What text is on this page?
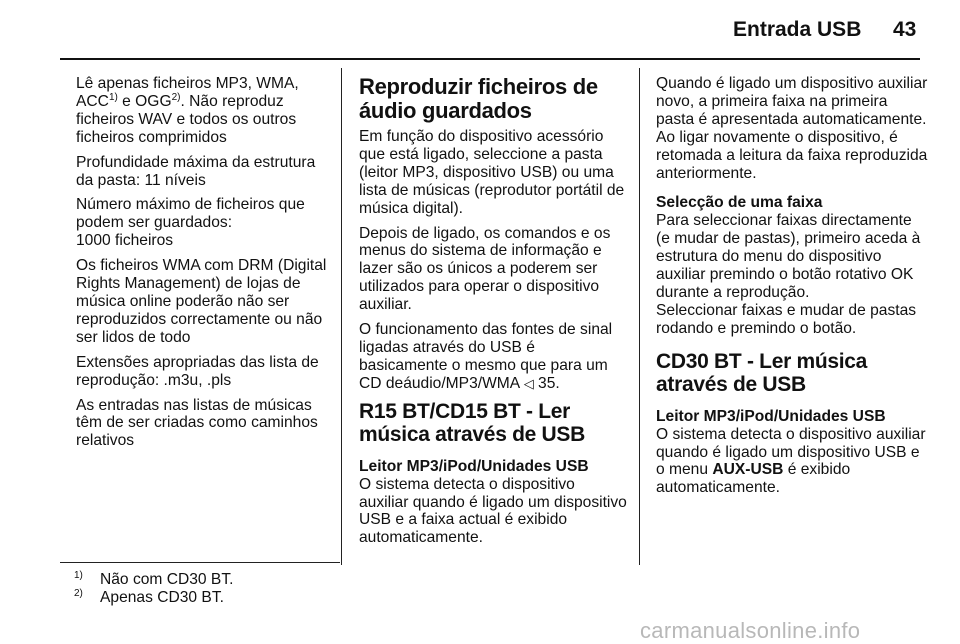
Entrada USB 43

Lê apenas ficheiros MP3, WMA, ACC$^{1)}$ e OGG$^{2)}$. Não reproduz ficheiros WAV e todos os outros ficheiros comprimidos

Profundidade máxima da estrutura da pasta: 11 níveis

Número máximo de ficheiros que podem ser guardados:
1000 ficheiros

Os ficheiros WMA com DRM (Digital Rights Management) de lojas de música online poderão não ser reproduzidos correctamente ou não ser lidos de todo

Extensões apropriadas das lista de reprodução: .m3u, .pls

As entradas nas listas de músicas têm de ser criadas como caminhos relativos

Reproduzir ficheiros de áudio guardados

Em função do dispositivo acessório que está ligado, seleccione a pasta (leitor MP3, dispositivo USB) ou uma lista de músicas (reprodutor portátil de música digital).

Depois de ligado, os comandos e os menus do sistema de informação e lazer são os únicos a poderem ser utilizados para operar o dispositivo auxiliar.

O funcionamento das fontes de sinal ligadas através do USB é basicamente o mesmo que para um CD deáudio/MP3/WMA ◁ 35.

R15 BT/CD15 BT - Ler música através de USB
Leitor MP3/iPod/Unidades USB

O sistema detecta o dispositivo auxiliar quando é ligado um dispositivo USB e a faixa actual é exibido automaticamente.

Quando é ligado um dispositivo auxiliar novo, a primeira faixa na primeira pasta é apresentada automaticamente. Ao ligar novamente o dispositivo, é retomada a leitura da faixa reproduzida anteriormente.

Selecção de uma faixa

Para seleccionar faixas directamente (e mudar de pastas), primeiro aceda à estrutura do menu do dispositivo auxiliar premindo o botão rotativo OK durante a reprodução.

Seleccionar faixas e mudar de pastas rodando e premindo o botão.

CD30 BT - Ler música através de USB
Leitor MP3/iPod/Unidades USB

O sistema detecta o dispositivo auxiliar quando é ligado um dispositivo USB e o menu AUX-USB é exibido automaticamente.

1)	Não com CD30 BT.
2)	Apenas CD30 BT.
carmanualsonline.info
